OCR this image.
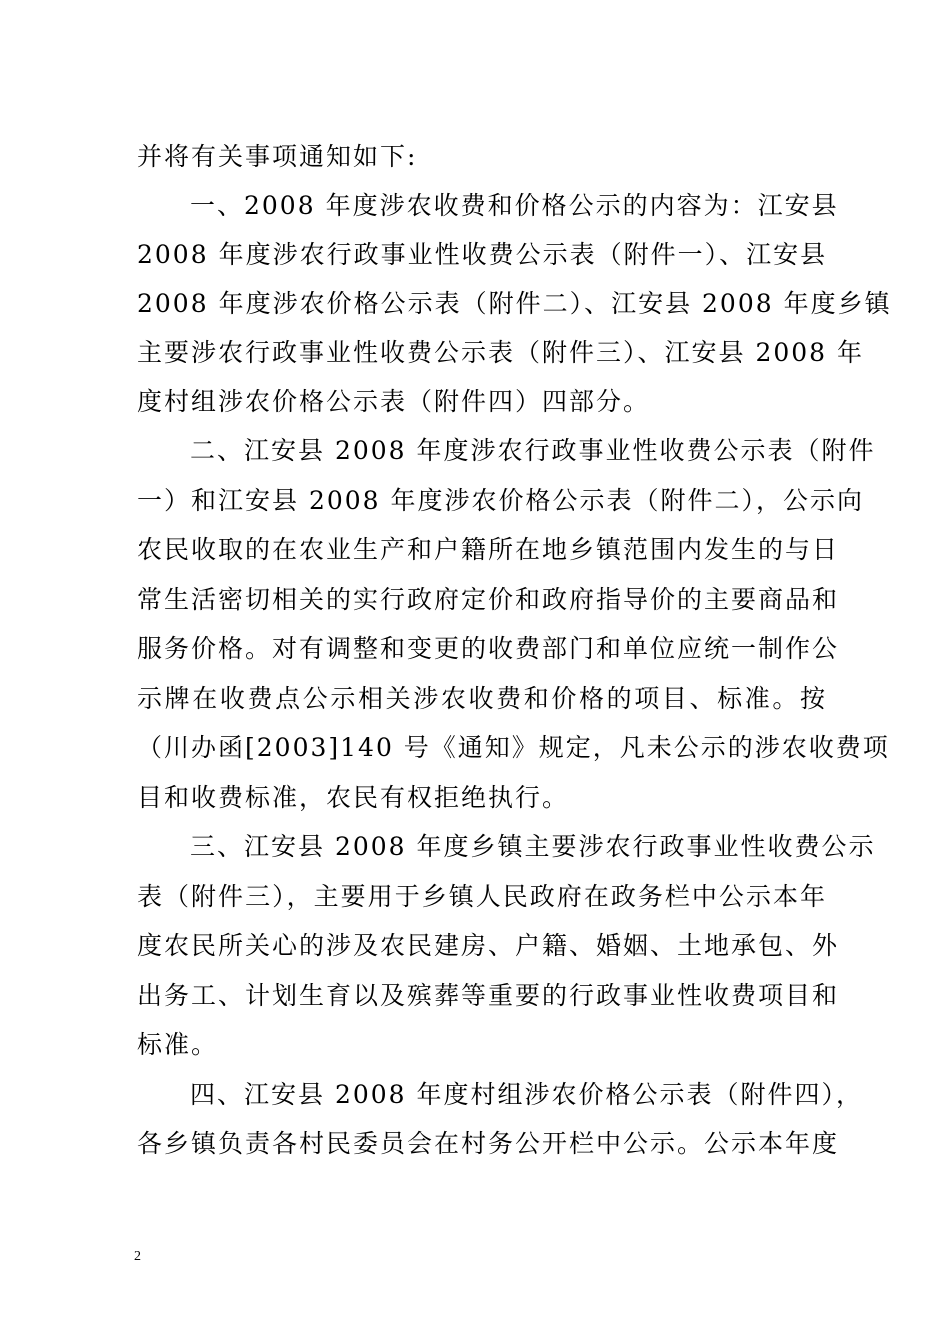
并将有关事项通知如下:
一、2008 年度涉农收费和价格公示的内容为：江安县
2008 年度涉农行政事业性收费公示表（附件一）、江安县
2008 年度涉农价格公示表（附件二）、江安县 2008 年度乡镇
主要涉农行政事业性收费公示表（附件三）、江安县 2008 年
度村组涉农价格公示表（附件四）四部分。
二、江安县 2008 年度涉农行政事业性收费公示表（附件
一）和江安县 2008 年度涉农价格公示表（附件二），公示向
农民收取的在农业生产和户籍所在地乡镇范围内发生的与日
常生活密切相关的实行政府定价和政府指导价的主要商品和
服务价格。对有调整和变更的收费部门和单位应统一制作公
示牌在收费点公示相关涉农收费和价格的项目、标准。按
（川办函[2003]140 号《通知》规定，凡未公示的涉农收费项
目和收费标准，农民有权拒绝执行。
三、江安县 2008 年度乡镇主要涉农行政事业性收费公示
表（附件三），主要用于乡镇人民政府在政务栏中公示本年
度农民所关心的涉及农民建房、户籍、婚姻、土地承包、外
出务工、计划生育以及殡葬等重要的行政事业性收费项目和
标准。
四、江安县 2008 年度村组涉农价格公示表（附件四），
各乡镇负责各村民委员会在村务公开栏中公示。公示本年度
2
